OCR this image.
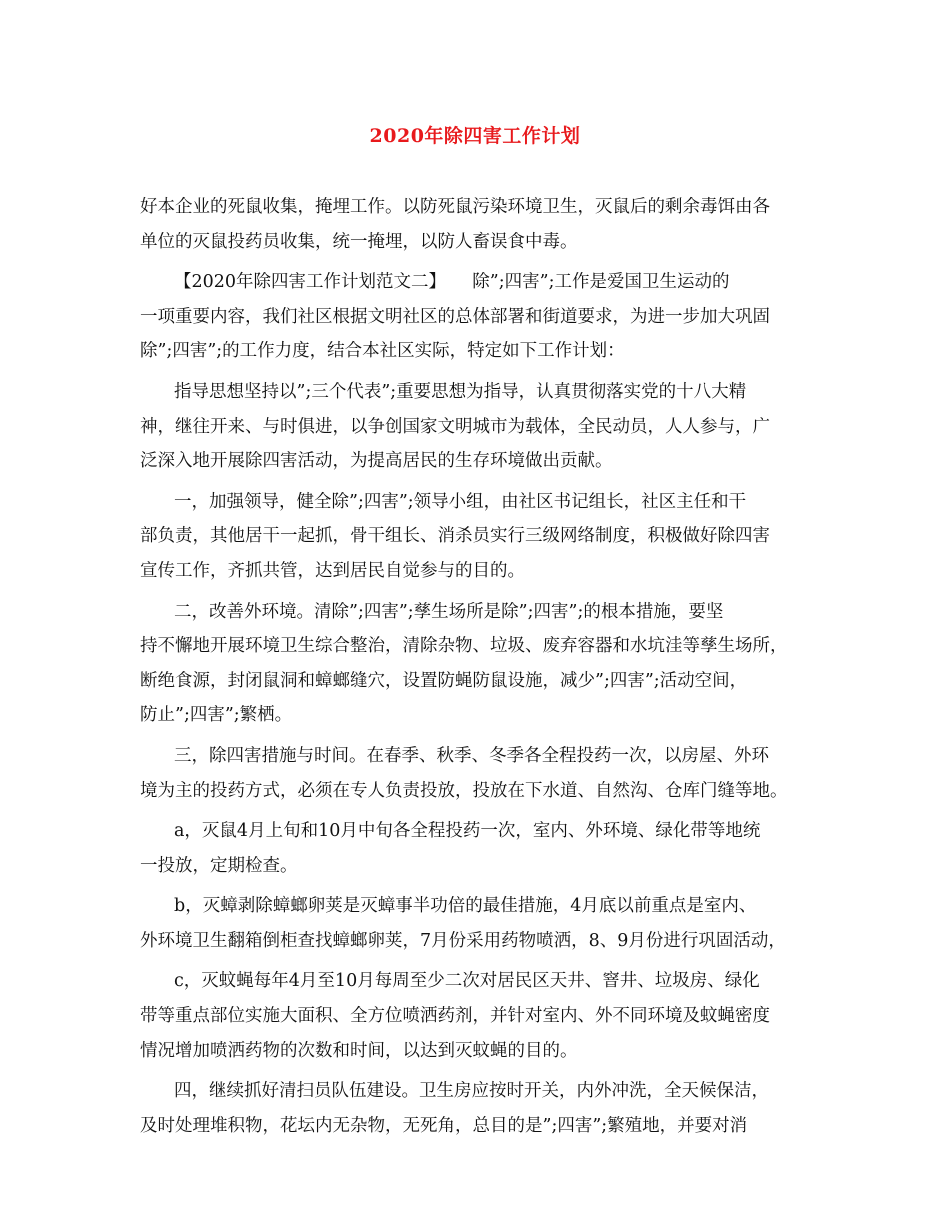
2020年除四害工作计划
好本企业的死鼠收集，掩埋工作。以防死鼠污染环境卫生，灭鼠后的剩余毒饵由各
单位的灭鼠投药员收集，统一掩埋，以防人畜误食中毒。
【2020年除四害工作计划范文二】　　除”;四害”;工作是爱国卫生运动的
一项重要内容，我们社区根据文明社区的总体部署和街道要求，为进一步加大巩固
除”;四害”;的工作力度，结合本社区实际，特定如下工作计划：
指导思想坚持以”;三个代表”;重要思想为指导，认真贯彻落实党的十八大精
神，继往开来、与时俱进，以争创国家文明城市为载体，全民动员，人人参与，广
泛深入地开展除四害活动，为提高居民的生存环境做出贡献。
一，加强领导，健全除”;四害”;领导小组，由社区书记组长，社区主任和干
部负责，其他居干一起抓，骨干组长、消杀员实行三级网络制度，积极做好除四害
宣传工作，齐抓共管，达到居民自觉参与的目的。
二，改善外环境。清除”;四害”;孳生场所是除”;四害”;的根本措施，要坚
持不懈地开展环境卫生综合整治，清除杂物、垃圾、废弃容器和水坑洼等孳生场所，
断绝食源，封闭鼠洞和蟑螂缝穴，设置防蝇防鼠设施，减少”;四害”;活动空间，
防止”;四害”;繁栖。
三，除四害措施与时间。在春季、秋季、冬季各全程投药一次，以房屋、外环
境为主的投药方式，必须在专人负责投放，投放在下水道、自然沟、仓库门缝等地。
a，灭鼠4月上旬和10月中旬各全程投药一次，室内、外环境、绿化带等地统
一投放，定期检查。
b，灭蟑剥除蟑螂卵荚是灭蟑事半功倍的最佳措施，4月底以前重点是室内、
外环境卫生翻箱倒柜查找蟑螂卵荚，7月份采用药物喷洒，8、9月份进行巩固活动，
c，灭蚊蝇每年4月至10月每周至少二次对居民区天井、窨井、垃圾房、绿化
带等重点部位实施大面积、全方位喷洒药剂，并针对室内、外不同环境及蚊蝇密度
情况增加喷洒药物的次数和时间，以达到灭蚊蝇的目的。
四，继续抓好清扫员队伍建设。卫生房应按时开关，内外冲洗，全天候保洁，
及时处理堆积物，花坛内无杂物，无死角，总目的是”;四害”;繁殖地，并要对消
